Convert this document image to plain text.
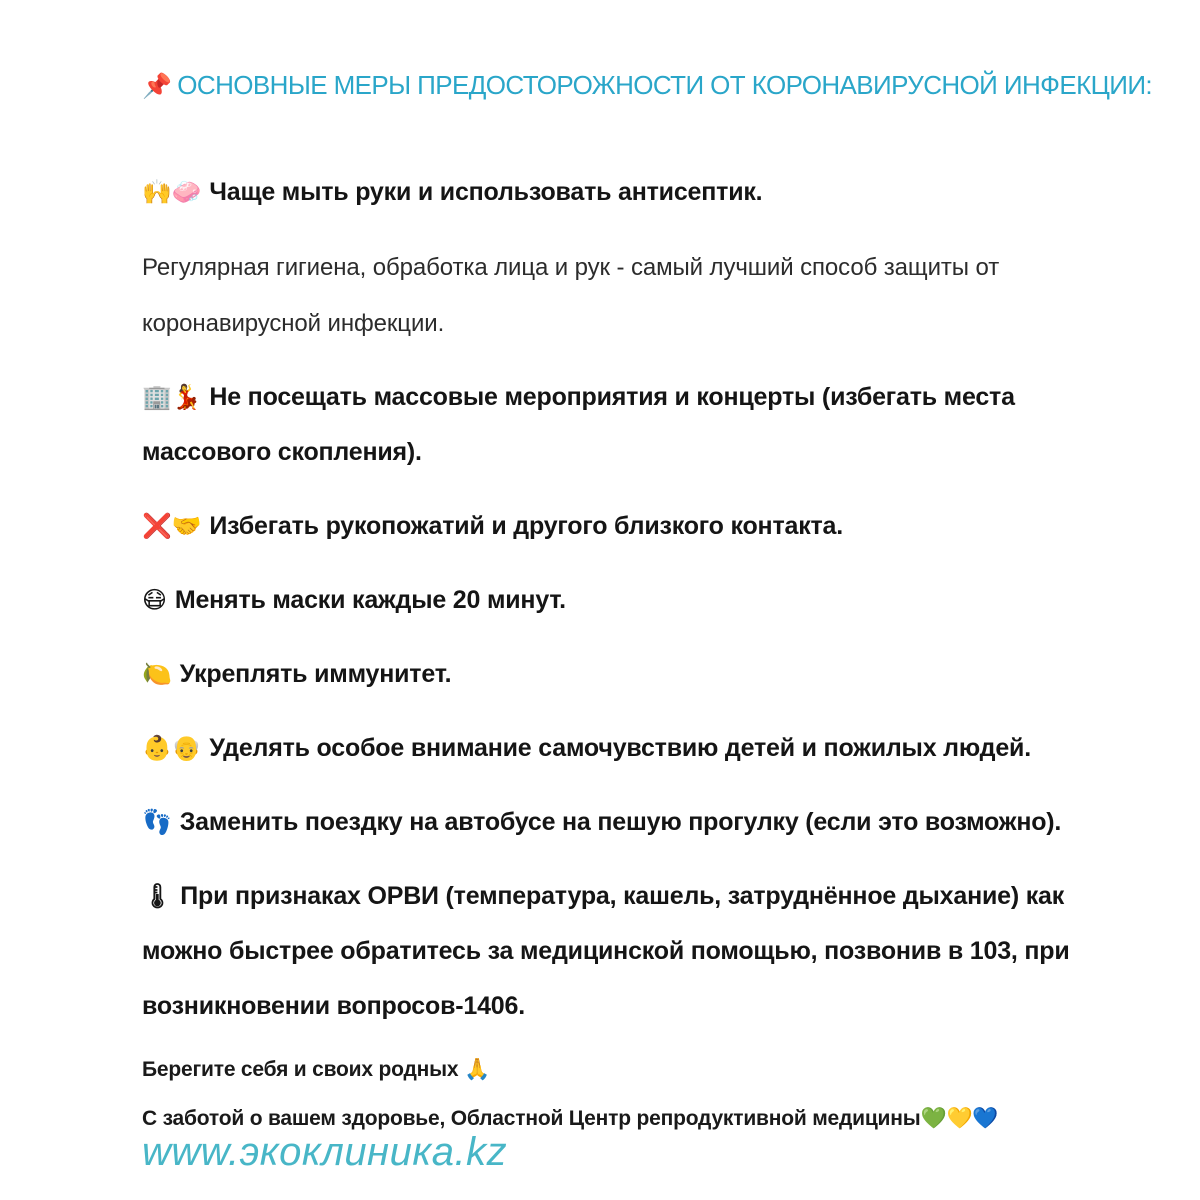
📌 ОСНОВНЫЕ МЕРЫ ПРЕДОСТОРОЖНОСТИ ОТ КОРОНАВИРУСНОЙ ИНФЕКЦИИ:
🙌🧼 Чаще мыть руки и использовать антисептик.
Регулярная гигиена, обработка лица и рук - самый лучший способ защиты от
коронавирусной инфекции.
🏢💃 Не посещать массовые мероприятия и концерты (избегать места
массового скопления).
❌🤝 Избегать рукопожатий и другого близкого контакта.
😷 Менять маски каждые 20 минут.
🍋 Укреплять иммунитет.
👶👴 Уделять особое внимание самочувствию детей и пожилых людей.
👣 Заменить поездку на автобусе на пешую прогулку (если это возможно).
🌡 При признаках ОРВИ (температура, кашель, затруднённое дыхание) как
можно быстрее обратитесь за медицинской помощью, позвонив в 103, при
возникновении вопросов-1406.
Берегите себя и своих родных 🙏
С заботой о вашем здоровье, Областной Центр репродуктивной медицины💚💛💙
www.экоклиника.kz
